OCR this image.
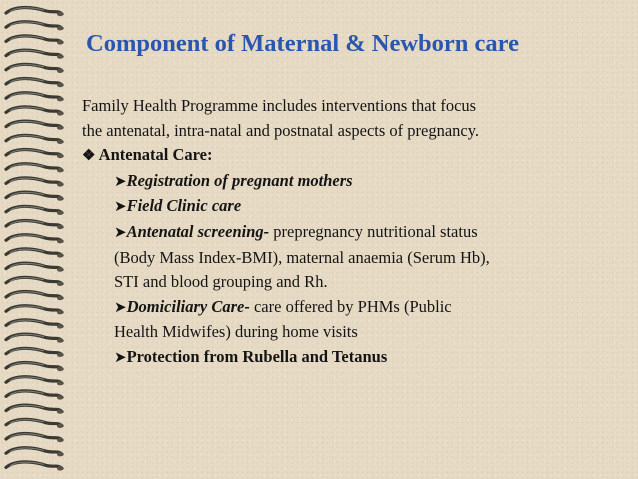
Component of Maternal & Newborn care
Family Health Programme includes interventions that focus
the antenatal, intra-natal and postnatal aspects of pregnancy.
❖ Antenatal Care:
➤Registration of pregnant mothers
➤Field Clinic care
➤Antenatal screening- prepregnancy nutritional status
(Body Mass Index-BMI), maternal anaemia (Serum Hb),
STI and blood grouping and Rh.
➤Domiciliary Care- care offered by PHMs (Public
Health Midwifes) during home visits
➤Protection from Rubella and Tetanus
